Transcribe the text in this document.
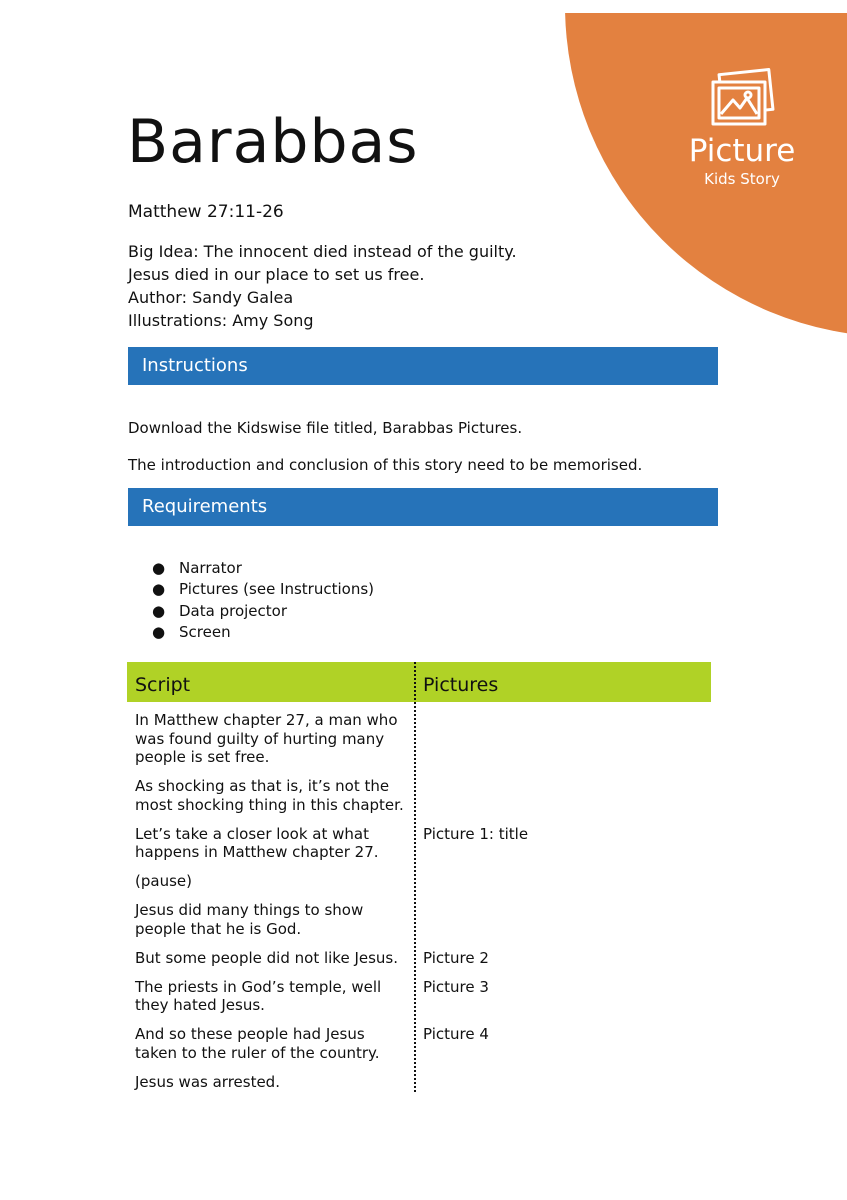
Picture
Kids Story
Barabbas
Matthew 27:11-26
Big Idea: The innocent died instead of the guilty.
Jesus died in our place to set us free.
Author: Sandy Galea
Illustrations: Amy Song
Instructions

Download the Kidswise file titled, Barabbas Pictures.

The introduction and conclusion of this story need to be memorised.

Requirements
● Narrator
● Pictures (see Instructions)
● Data projector
● Screen
Script	Pictures
In Matthew chapter 27, a man who was found guilty of hurting many people is set free.
As shocking as that is, it’s not the most shocking thing in this chapter.
Let’s take a closer look at what happens in Matthew chapter 27.
Picture 1: title
(pause)
Jesus did many things to show people that he is God.
But some people did not like Jesus.	Picture 2
The priests in God’s temple, well they hated Jesus.
Picture 3
And so these people had Jesus taken to the ruler of the country.
Picture 4
Jesus was arrested.
